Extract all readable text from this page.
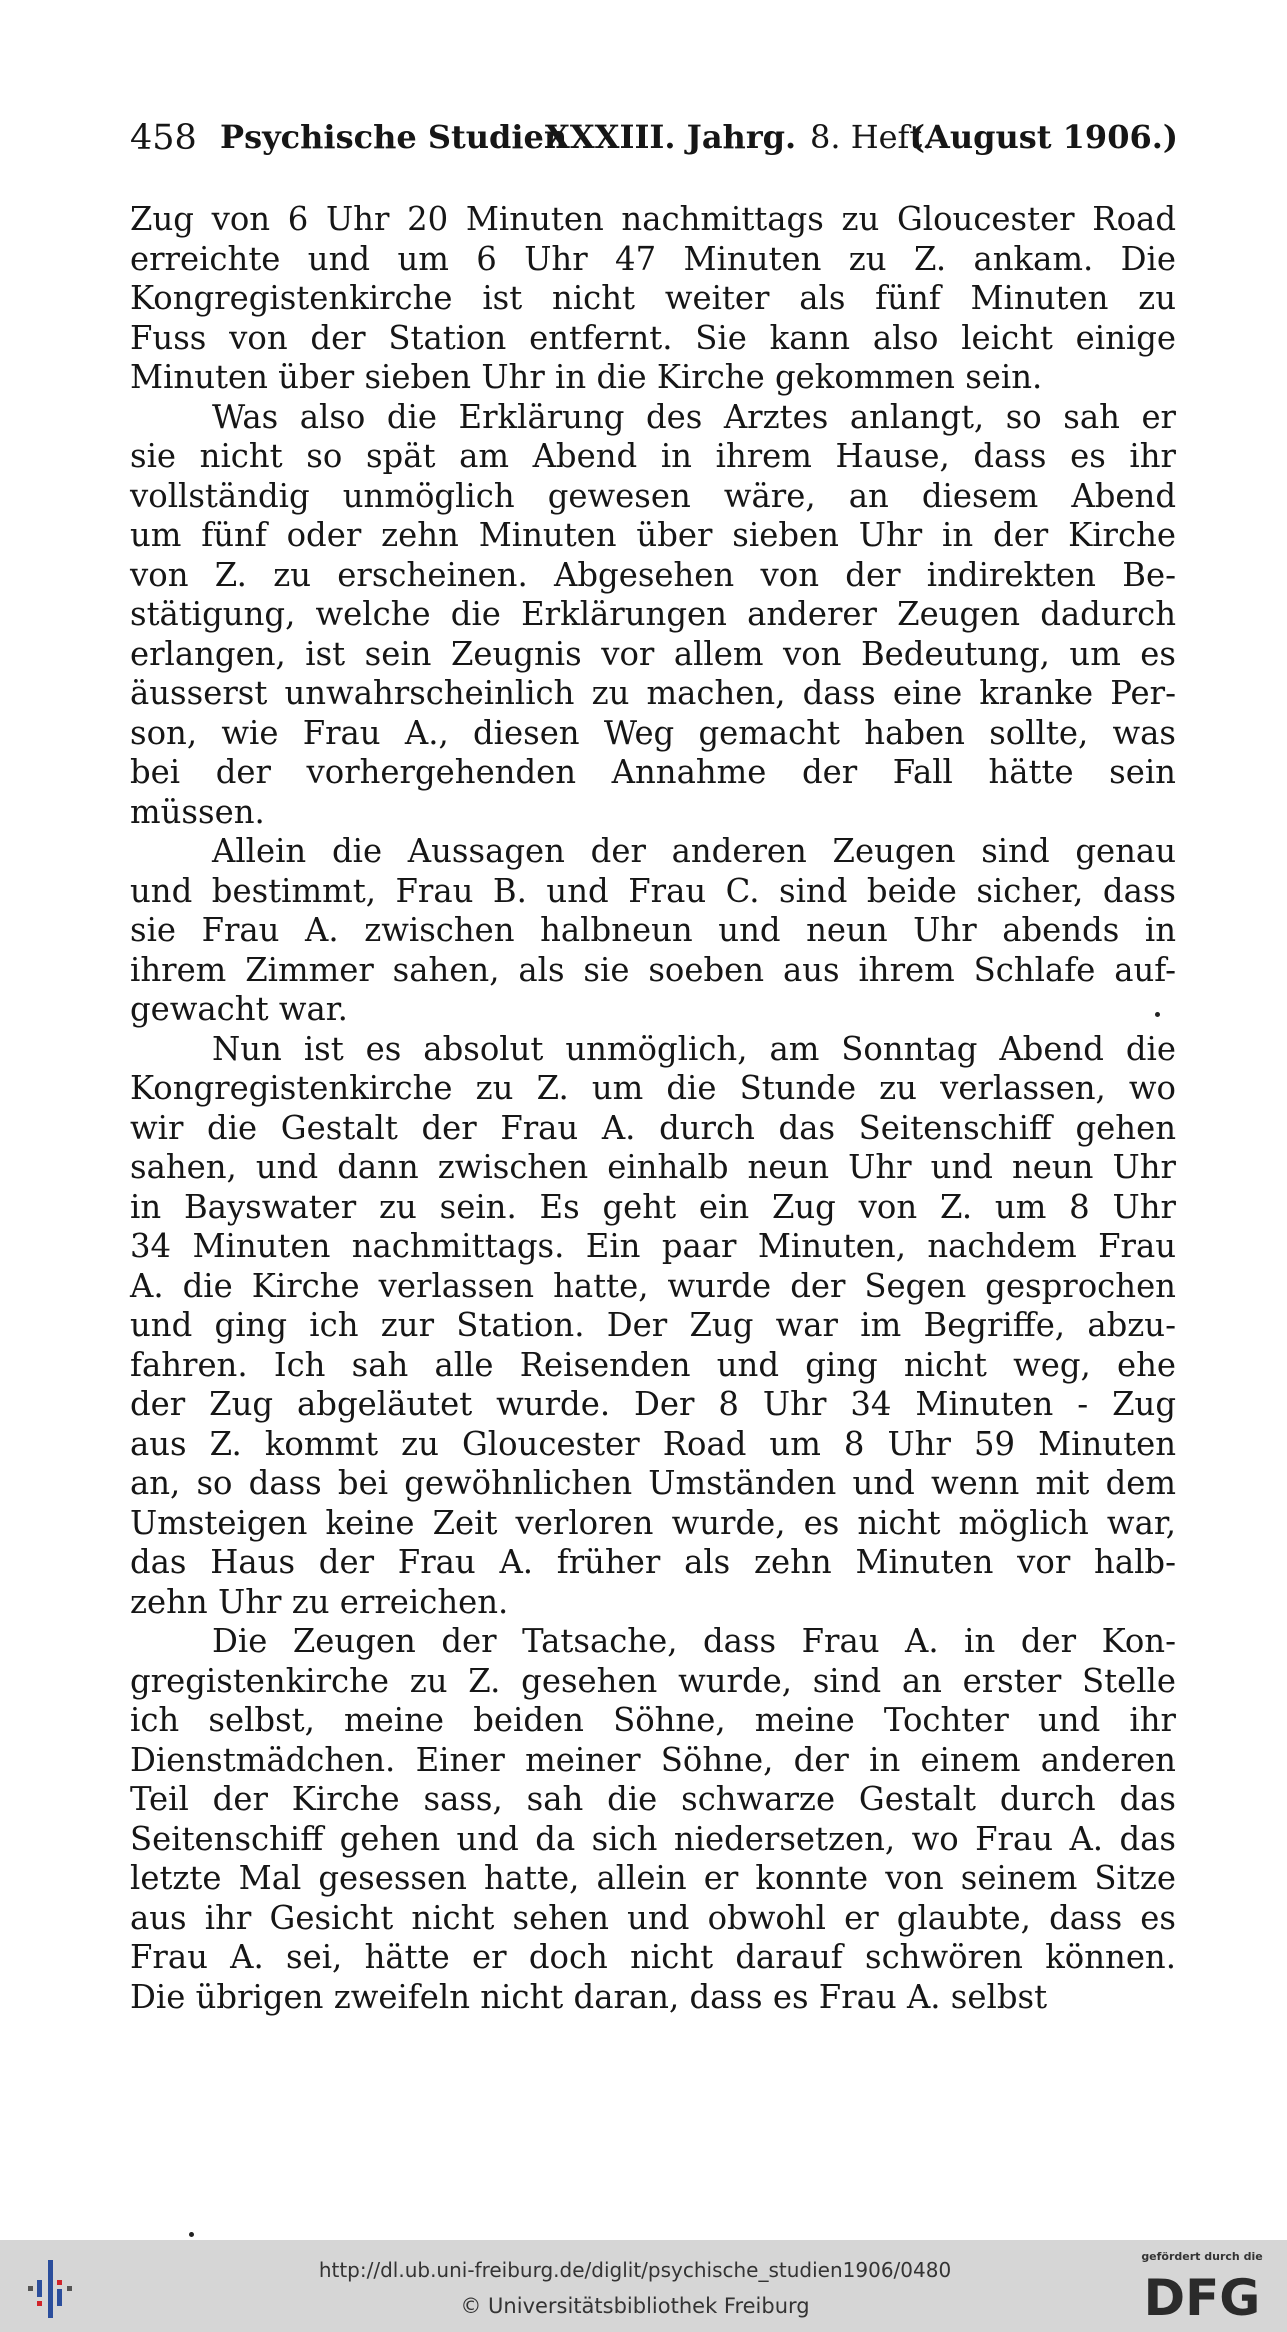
458 Psychische Studien
XXXIII. Jahrg. 8. Heft.
(August 1906.)

Zug von 6 Uhr 20 Minuten nachmittags zu Gloucester Road
erreichte und um 6 Uhr 47 Minuten zu Z. ankam. Die
Kongregistenkirche ist nicht weiter als fünf Minuten zu
Fuss von der Station entfernt. Sie kann also leicht einige
Minuten über sieben Uhr in die Kirche gekommen sein.

Was also die Erklärung des Arztes anlangt, so sah er
sie nicht so spät am Abend in ihrem Hause, dass es ihr
vollständig unmöglich gewesen wäre, an diesem Abend
um fünf oder zehn Minuten über sieben Uhr in der Kirche
von Z. zu erscheinen. Abgesehen von der indirekten Be-
stätigung, welche die Erklärungen anderer Zeugen dadurch
erlangen, ist sein Zeugnis vor allem von Bedeutung, um es
äusserst unwahrscheinlich zu machen, dass eine kranke Per-
son, wie Frau A., diesen Weg gemacht haben sollte, was
bei der vorhergehenden Annahme der Fall hätte sein
müssen.

Allein die Aussagen der anderen Zeugen sind genau
und bestimmt, Frau B. und Frau C. sind beide sicher, dass
sie Frau A. zwischen halbneun und neun Uhr abends in
ihrem Zimmer sahen, als sie soeben aus ihrem Schlafe auf-
gewacht war.

Nun ist es absolut unmöglich, am Sonntag Abend die
Kongregistenkirche zu Z. um die Stunde zu verlassen, wo
wir die Gestalt der Frau A. durch das Seitenschiff gehen
sahen, und dann zwischen einhalb neun Uhr und neun Uhr
in Bayswater zu sein. Es geht ein Zug von Z. um 8 Uhr
34 Minuten nachmittags. Ein paar Minuten, nachdem Frau
A. die Kirche verlassen hatte, wurde der Segen gesprochen
und ging ich zur Station. Der Zug war im Begriffe, abzu-
fahren. Ich sah alle Reisenden und ging nicht weg, ehe
der Zug abgeläutet wurde. Der 8 Uhr 34 Minuten - Zug
aus Z. kommt zu Gloucester Road um 8 Uhr 59 Minuten
an, so dass bei gewöhnlichen Umständen und wenn mit dem
Umsteigen keine Zeit verloren wurde, es nicht möglich war,
das Haus der Frau A. früher als zehn Minuten vor halb-
zehn Uhr zu erreichen.

Die Zeugen der Tatsache, dass Frau A. in der Kon-
gregistenkirche zu Z. gesehen wurde, sind an erster Stelle
ich selbst, meine beiden Söhne, meine Tochter und ihr
Dienstmädchen. Einer meiner Söhne, der in einem anderen
Teil der Kirche sass, sah die schwarze Gestalt durch das
Seitenschiff gehen und da sich niedersetzen, wo Frau A. das
letzte Mal gesessen hatte, allein er konnte von seinem Sitze
aus ihr Gesicht nicht sehen und obwohl er glaubte, dass es
Frau A. sei, hätte er doch nicht darauf schwören können.
Die übrigen zweifeln nicht daran, dass es Frau A. selbst

http://dl.ub.uni-freiburg.de/diglit/psychische_studien1906/0480
© Universitätsbibliothek Freiburg
gefördert durch die
DFG
